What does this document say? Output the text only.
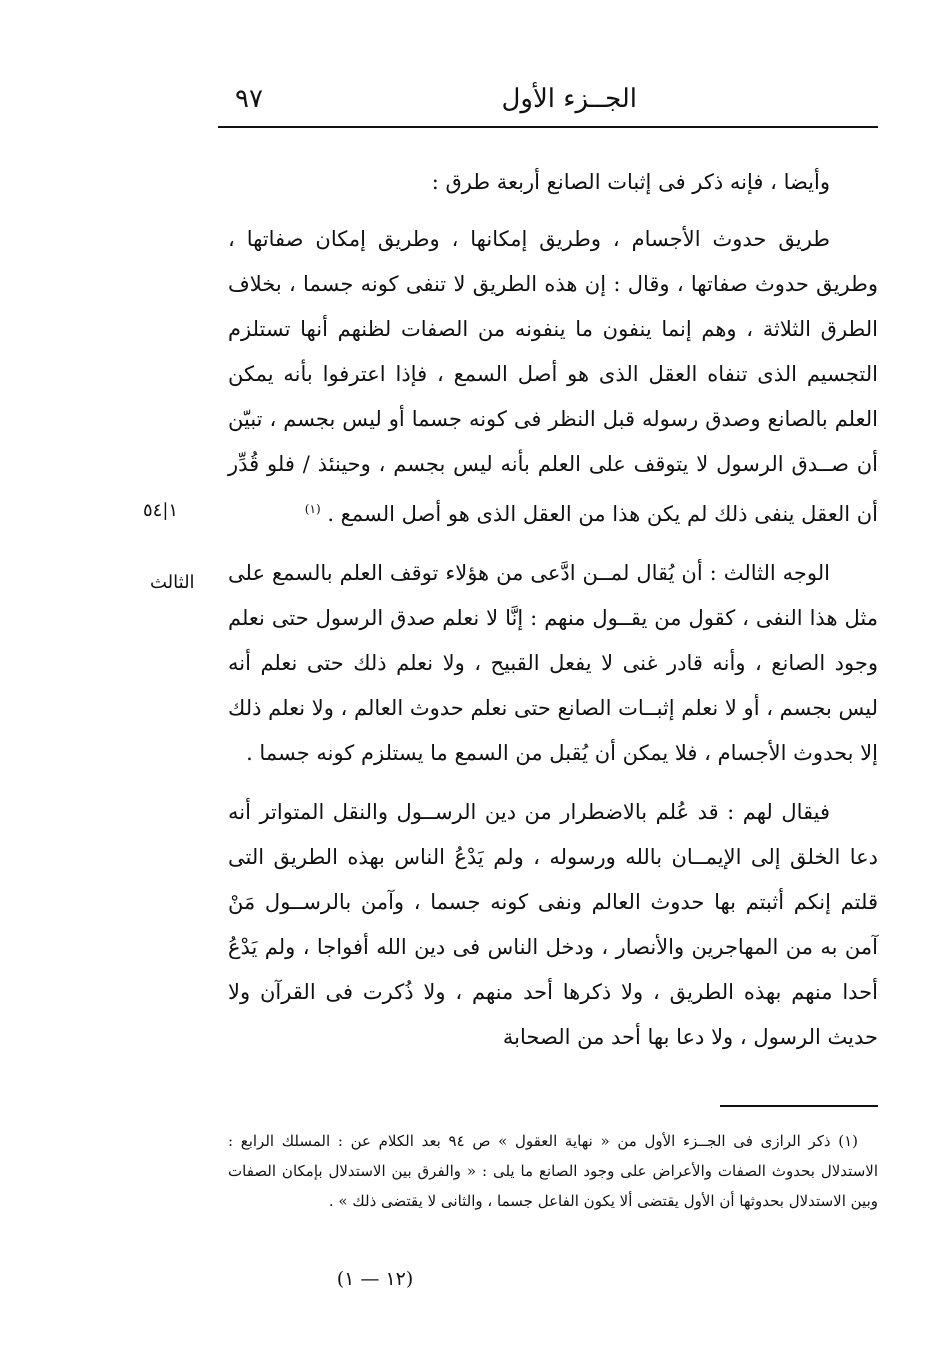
الجــزء الأول
٩٧
١|٥٤
الثالث

وأيضا ، فإنه ذكر فى إثبات الصانع أربعة طرق :

طريق حدوث الأجسام ، وطريق إمكانها ، وطريق إمكان صفاتها ، وطريق حدوث صفاتها ، وقال : إن هذه الطريق لا تنفى كونه جسما ، بخلاف الطرق الثلاثة ، وهم إنما ينفون ما ينفونه من الصفات لظنهم أنها تستلزم التجسيم الذى تنفاه العقل الذى هو أصل السمع ، فإذا اعترفوا بأنه يمكن العلم بالصانع وصدق رسوله قبل النظر فى كونه جسما أو ليس بجسم ، تبيّن أن صــدق الرسول لا يتوقف على العلم بأنه ليس بجسم ، وحينئذ / فلو قُدِّر أن العقل ينفى ذلك لم يكن هذا من العقل الذى هو أصل السمع . $^{(١)}$

الوجه الثالث : أن يُقال لمــن ادَّعى من هؤلاء توقف العلم بالسمع على مثل هذا النفى ، كقول من يقــول منهم : إنَّا لا نعلم صدق الرسول حتى نعلم وجود الصانع ، وأنه قادر غنى لا يفعل القبيح ، ولا نعلم ذلك حتى نعلم أنه ليس بجسم ، أو لا نعلم إثبــات الصانع حتى نعلم حدوث العالم ، ولا نعلم ذلك إلا بحدوث الأجسام ، فلا يمكن أن يُقبل من السمع ما يستلزم كونه جسما .

فيقال لهم : قد عُلم بالاضطرار من دين الرســول والنقل المتواتر أنه دعا الخلق إلى الإيمــان بالله ورسوله ، ولم يَدْعُ الناس بهذه الطريق التى قلتم إنكم أثبتم بها حدوث العالم ونفى كونه جسما ، وآمن بالرســول مَنْ آمن به من المهاجرين والأنصار ، ودخل الناس فى دين الله أفواجا ، ولم يَدْعُ أحدا منهم بهذه الطريق ، ولا ذكرها أحد منهم ، ولا ذُكرت فى القرآن ولا حديث الرسول ، ولا دعا بها أحد من الصحابة

(١) ذكر الرازى فى الجــزء الأول من « نهاية العقول » ص ٩٤ بعد الكلام عن : المسلك الرابع : الاستدلال بحدوث الصفات والأعراض على وجود الصانع ما يلى : « والفرق بين الاستدلال بإمكان الصفات وبين الاستدلال بحدوثها أن الأول يقتضى ألا يكون الفاعل جسما ، والثانى لا يقتضى ذلك » .

(١٢ — ١)
